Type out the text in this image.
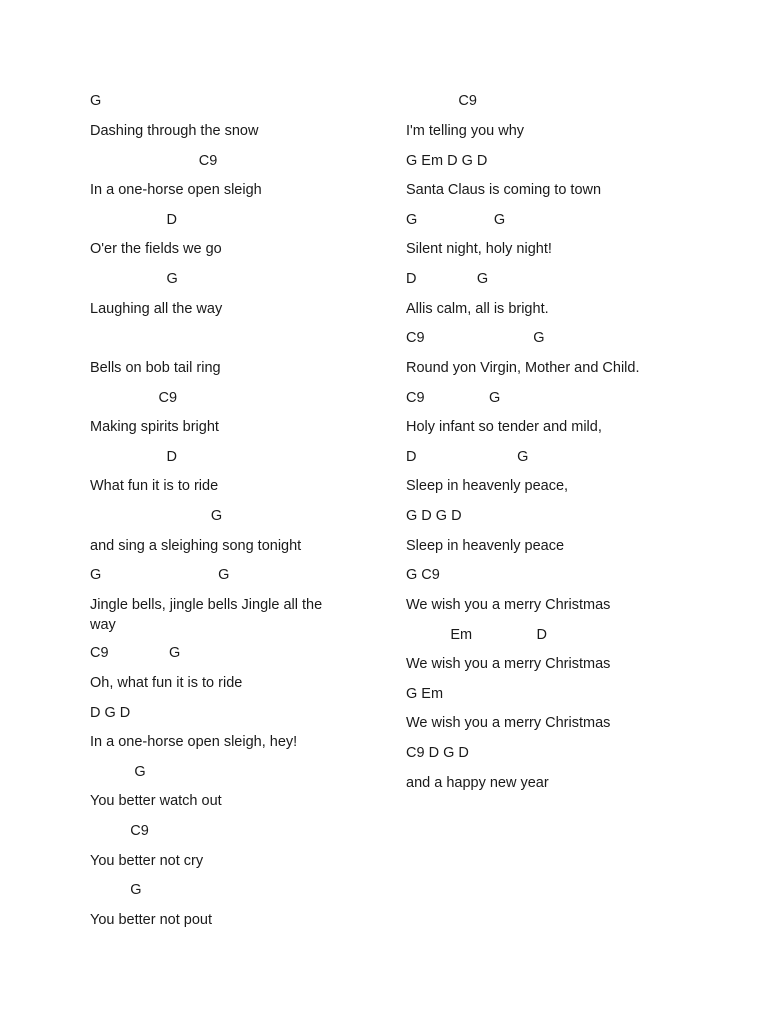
G
Dashing through the snow
C9
In a one-horse open sleigh
D
O'er the fields we go
G
Laughing all the way
Bells on bob tail ring
C9
Making spirits bright
D
What fun it is to ride
G
and sing a sleighing song tonight
G                             G
Jingle bells, jingle bells Jingle all the way
C9               G
Oh, what fun it is to ride
D G D
In a one-horse open sleigh, hey!
G
You better watch out
C9
You better not cry
G
You better not pout
C9
I'm telling you why
G Em D G D
Santa Claus is coming to town
G                   G
Silent night, holy night!
D               G
Allis calm, all is bright.
C9                           G
Round yon Virgin, Mother and Child.
C9                G
Holy infant so tender and mild,
D                         G
Sleep in heavenly peace,
G D G D
Sleep in heavenly peace
G C9
We wish you a merry Christmas
Em                D
We wish you a merry Christmas
G Em
We wish you a merry Christmas
C9 D G D
and a happy new year
